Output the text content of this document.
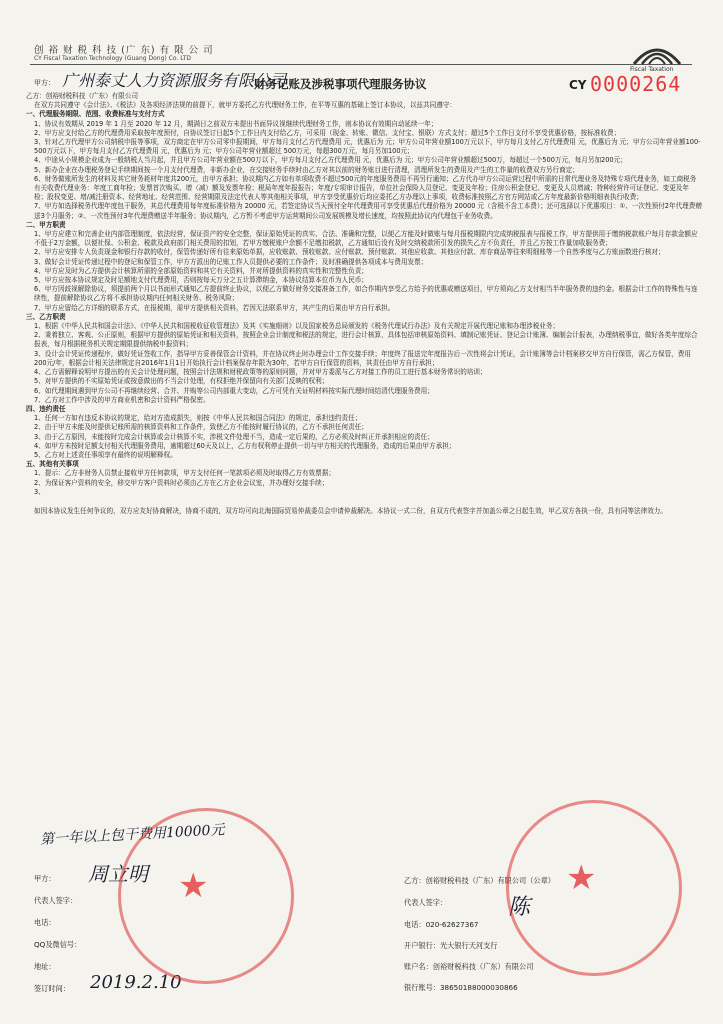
创 裕 财 税 科 技 (广 东) 有 限 公 司
CY Fiscal Taxation Technology (Guang Dong) Co. LTD
Fiscal Taxation
财务记账及涉税事项代理服务协议	CY 0000264
甲方： 广州泰丈人力资源服务有限公司

乙方：创裕财税科技（广东）有限公司

在双方共同遵守《会计法》、《税法》及各项经济法规的前提下，就甲方委托乙方代理财务工作，在平等互惠的基础上签订本协议，以兹共同遵守：

一、代理服务期限、范围、收费标准与支付方式

1、协议有效期从 2019 年 1 月至 2020 年 12 月，期满日之前双方未提出书面异议视继续代理财务工作，则本协议有效期自动延续一年；

2、甲方应支付给乙方的代理费用采取按年度预付，自协议签订日起5个工作日内支付给乙方，可采用（现金、转账、微信、支付宝、银联）方式支付；超过5个工作日支付不享受优惠价格，按标准收费；

3、针对乙方代理甲方公司纳税申报等事项，双方商定在甲方公司零申报期间，甲方每月支付乙方代理费用 元，优惠后为 元；甲方公司年营业额100万元以下，甲方每月支付乙方代理费用 元，优惠后为 元；甲方公司年营业额100-500万元以下，甲方每月支付乙方代理费用 元，优惠后为 元；甲方公司年营业额超过 500万元，每超300万元，每月另加100元；

4、中途从小规模企业成为一般纳税人当月起，并且甲方公司年营业额在500万以下，甲方每月支付乙方代理费用 元，优惠后为 元；甲方公司年营业额超过500万，每超过一个500万元，每月另加200元；

5、新办企业在办理税务登记手续期间按一个月支付代理费，非新办企业，在交接财务手续时由乙方对其以前的财务账目进行清理，清理所发生的费用及产生的工作量的收费双方另行商定；

6、财务做账所发生的材料及其它财务耗材年度共200元，由甲方承担；协议期内乙方如有单项收费不超过500元的年度服务费用不再另行通知；乙方代办甲方公司运营过程中所需的日常代理业务及特殊专项代理业务，如工商税务有关收费代理业务：年度工商年检；发票首次购买、增（减）额及发票年检；税局年度年报报告；年度/专项审计报告，单位社会保险人员登记、变更及年检；住房公积金登记、变更及人员增减；特种经营许可证登记、变更及年检；股权变更、增/减注册资本、经营地址、经营范围、经营期限及法定代表人等其他相关事项，甲方享受优惠价后均应委托乙方办理以上事项，收费标准按照乙方官方网站或乙方年度最新价格明细表执行收费；

7、甲方如选择税务代理年度包干服务，其总代理费用每年度标准价格为 20000 元，若签定协议当天预付全年代理费用可享受优惠后代理价格为 20000 元（含税不含工本费）；还可选择以下优惠项目：①、一次性预付2年代理费赠送3个月服务；②、一次性预付3年代理费赠送半年服务；协议期内，乙方暂不考虑甲方运营期间公司发展规模及增长速度，均按照此协议内代理包干业务收费。

二、甲方职责

1、甲方应建立和完善企业内部管理制度，依法经营，保证资产的安全完整，保证原始凭证的真实、合法、准确和完整，以便乙方能及时做账与每月报税期限内完成纳税报表与报税工作，甲方提供用于缴纳税款账户每月存款金额应不低于2万金额，以便社保、公积金、税款及政府部门相关费用的扣划，若甲方缴税账户余额不足缴扣税款，乙方通知后没有及时交纳税款所引发的损失乙方不负责任，并且乙方按工作量加收服务费；

2、甲方应安排专人负责现金和银行存款的收付，保管传递好所有往来原始单据，应收账款、预收账款、应付账款、预付账款、其他应收款、其他应付款、库存商品等往来明细账等一个自然季度与乙方账面数进行核对；

3、做好会计凭证传递过程中的登记和保管工作，甲方方派出的记账工作人员提供必要的工作条件；及时准确提供各项成本与费用发票；

4、甲方应及时为乙方提供会计核算所需的全部原始资料和其它有关资料，并对所提供资料的真实性和完整性负责；

5、甲方应按本协议规定及时足额地支付代理费用，否则按每天万分之五计算滞纳金，本协议结算本位币为人民币；

6、甲方因歧视解除协议，须提前两个月以书面形式通知乙方提前终止协议，以便乙方做好财务交接准备工作，如合作期内享受乙方给予的优惠或赠送项目，甲方须向乙方支付相当半年服务费的违约金。根据会计工作的特殊性与连续性，提前解除协议乙方将不承担协议期内任何相关财务、税务风险；

7、甲方应留给乙方详细的联系方式，在报税期，需甲方提供相关资料，若因无法联系甲方，其产生的后果由甲方自行承担。

三、乙方职责

1、根据《中华人民共和国会计法》、《中华人民共和国税收征收管理法》及其《实施细则》以及国家税务总局颁发的《税务代理试行办法》及有关规定开展代理记账和办理涉税业务；

2、秉着独立、客观、公正原则，根据甲方提供的原始凭证和相关资料，按照企业会计制度和税法的规定，进行会计核算，具体包括审核原始资料、填制记账凭证、登记会计账簿、编制会计报表，办理纳税事宜，做好各类年度综合报表，每月根据税务机关规定期限提供纳税申报资料；

3、设计会计凭证传递程序，做好凭证签收工作，指导甲方妥善保管会计资料，并在协议终止时办理会计工作交接手续；年度终了报送完年度报告后一次性将会计凭证，会计账簿等会计档案移交甲方自行保管，需乙方保管，费用200元/年，根据会计相关法律规定自2016年1月1日开始执行会计档案保存年限为30年，若甲方自行保管的资料，其责任由甲方自行承担；

4、乙方需解释说明甲方提出的有关会计处理问题，按照会计法规和财税政策等的原则问题，并对甲方委派与乙方对接工作的员工进行基本财务常识的培训；

5、对甲方提供的不实原始凭证或按意做出的不当会计处理，有权拒绝并保留向有关部门反映的权利；

6、如代理期间遇到甲方公司不再继续经营、合并、并购等公司内部重大变动，乙方可凭有关证明材料按实际代理时间结清代理服务费用；

7、乙方对工作中涉及的甲方商业机密和会计资料严格保密。

四、违约责任

1、任何一方如有违反本协议的规定，给对方造成损失，则按《中华人民共和国合同法》的规定，承担违约责任；

2、由于甲方未能及时提供记账所需的核算资料和工作条件，致使乙方不能按时履行协议的，乙方不承担任何责任；

3、由于乙方原因，未能按时完成会计核算或会计核算不实，涉税文件处理不当，造成一定后果的，乙方必须及时纠正并承担相应的责任；

4、如甲方未按时足额支付相关代理服务费用，逾期超过60天及以上，乙方有权利停止提供一切与甲方相关的代理服务，造成的后果由甲方承担；

5、乙方对上述责任事项享有最终的说明解释权。

五、其他有关事项

1、提示：乙方非财务人员禁止接收甲方任何款项，甲方支付任何一笔款项必须及时取得乙方有效票据；

2、为保证客户资料的安全，移交甲方客户资料时必须由乙方在乙方企业会议室，并办理好交接手续；

3、

如因本协议发生任何争议的，双方应友好协商解决，协商不成的，双方均可向北海国际贸易仲裁委员会申请仲裁解决。本协议一式二份，自双方代表签字并加盖公章之日起生效，甲乙双方各执一份，具有同等法律效力。

第一年以上包干费用10000元
甲方： 周立明
代表人签字：
电话：
QQ及微信号：
地址：
签订时间： 2019.2.10
乙方：创裕财税科技（广东）有限公司（公章）
代表人签字：
电话：020-62627367
开户银行：光大银行天河支行
账户名：创裕财税科技（广东）有限公司
银行账号：38650188000030866
陈
★	★
